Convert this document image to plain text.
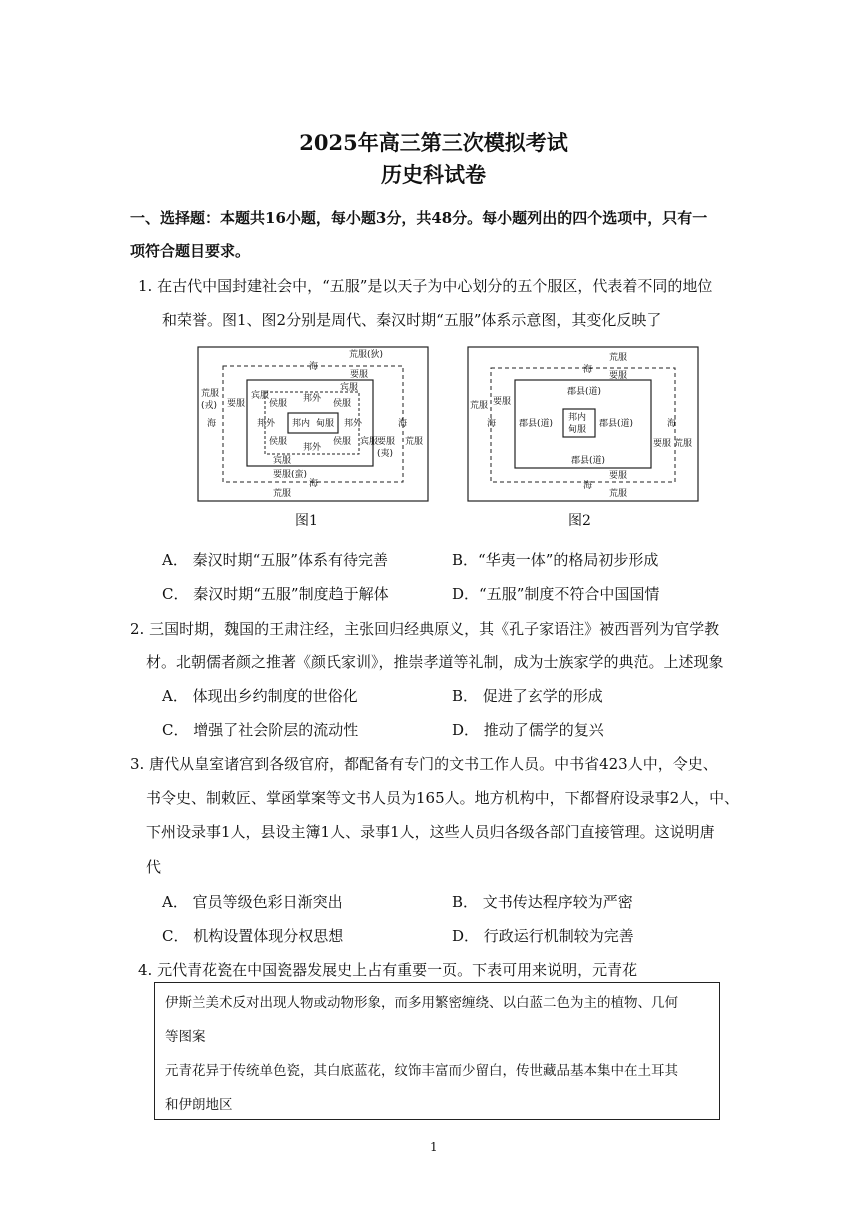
2025年高三第三次模拟考试
历史科试卷
一、选择题：本题共16小题，每小题3分，共48分。每小题列出的四个选项中，只有一
项符合题目要求。
1. 在古代中国封建社会中，“五服”是以天子为中心划分的五个服区，代表着不同的地位
和荣誉。图1、图2分别是周代、秦汉时期“五服”体系示意图，其变化反映了
荒服(狄)
海
要服
宾服
荒服
(戎)
海
要服
宾服
侯服 邦外 侯服
邦外 邦内 甸服 邦外
侯服
邦外
侯服 宾服
宾服
要服
(夷)
海
荒服
要服(蛮)
海
荒服
图1
荒服
海
要服
荒服
海
要服
郡县(道)
郡县(道)
邦内
甸服
郡县(道)
郡县(道)
要服
海
荒服
要服
海
荒服
图2
A． 秦汉时期“五服”体系有待完善	B．“华夷一体”的格局初步形成
C． 秦汉时期“五服”制度趋于解体	D．“五服”制度不符合中国国情
2. 三国时期，魏国的王肃注经，主张回归经典原义，其《孔子家语注》被西晋列为官学教
材。北朝儒者颜之推著《颜氏家训》，推崇孝道等礼制，成为士族家学的典范。上述现象
A． 体现出乡约制度的世俗化	B． 促进了玄学的形成
C． 增强了社会阶层的流动性	D． 推动了儒学的复兴
3. 唐代从皇室诸宫到各级官府，都配备有专门的文书工作人员。中书省423人中，令史、
书令史、制敕匠、掌函掌案等文书人员为165人。地方机构中，下都督府设录事2人，中、
下州设录事1人，县设主簿1人、录事1人，这些人员归各级各部门直接管理。这说明唐
代
A． 官员等级色彩日渐突出	B． 文书传达程序较为严密
C． 机构设置体现分权思想	D． 行政运行机制较为完善
4. 元代青花瓷在中国瓷器发展史上占有重要一页。下表可用来说明，元青花
伊斯兰美术反对出现人物或动物形象，而多用繁密缠绕、以白蓝二色为主的植物、几何
等图案
元青花异于传统单色瓷，其白底蓝花，纹饰丰富而少留白，传世藏品基本集中在土耳其
和伊朗地区
1
